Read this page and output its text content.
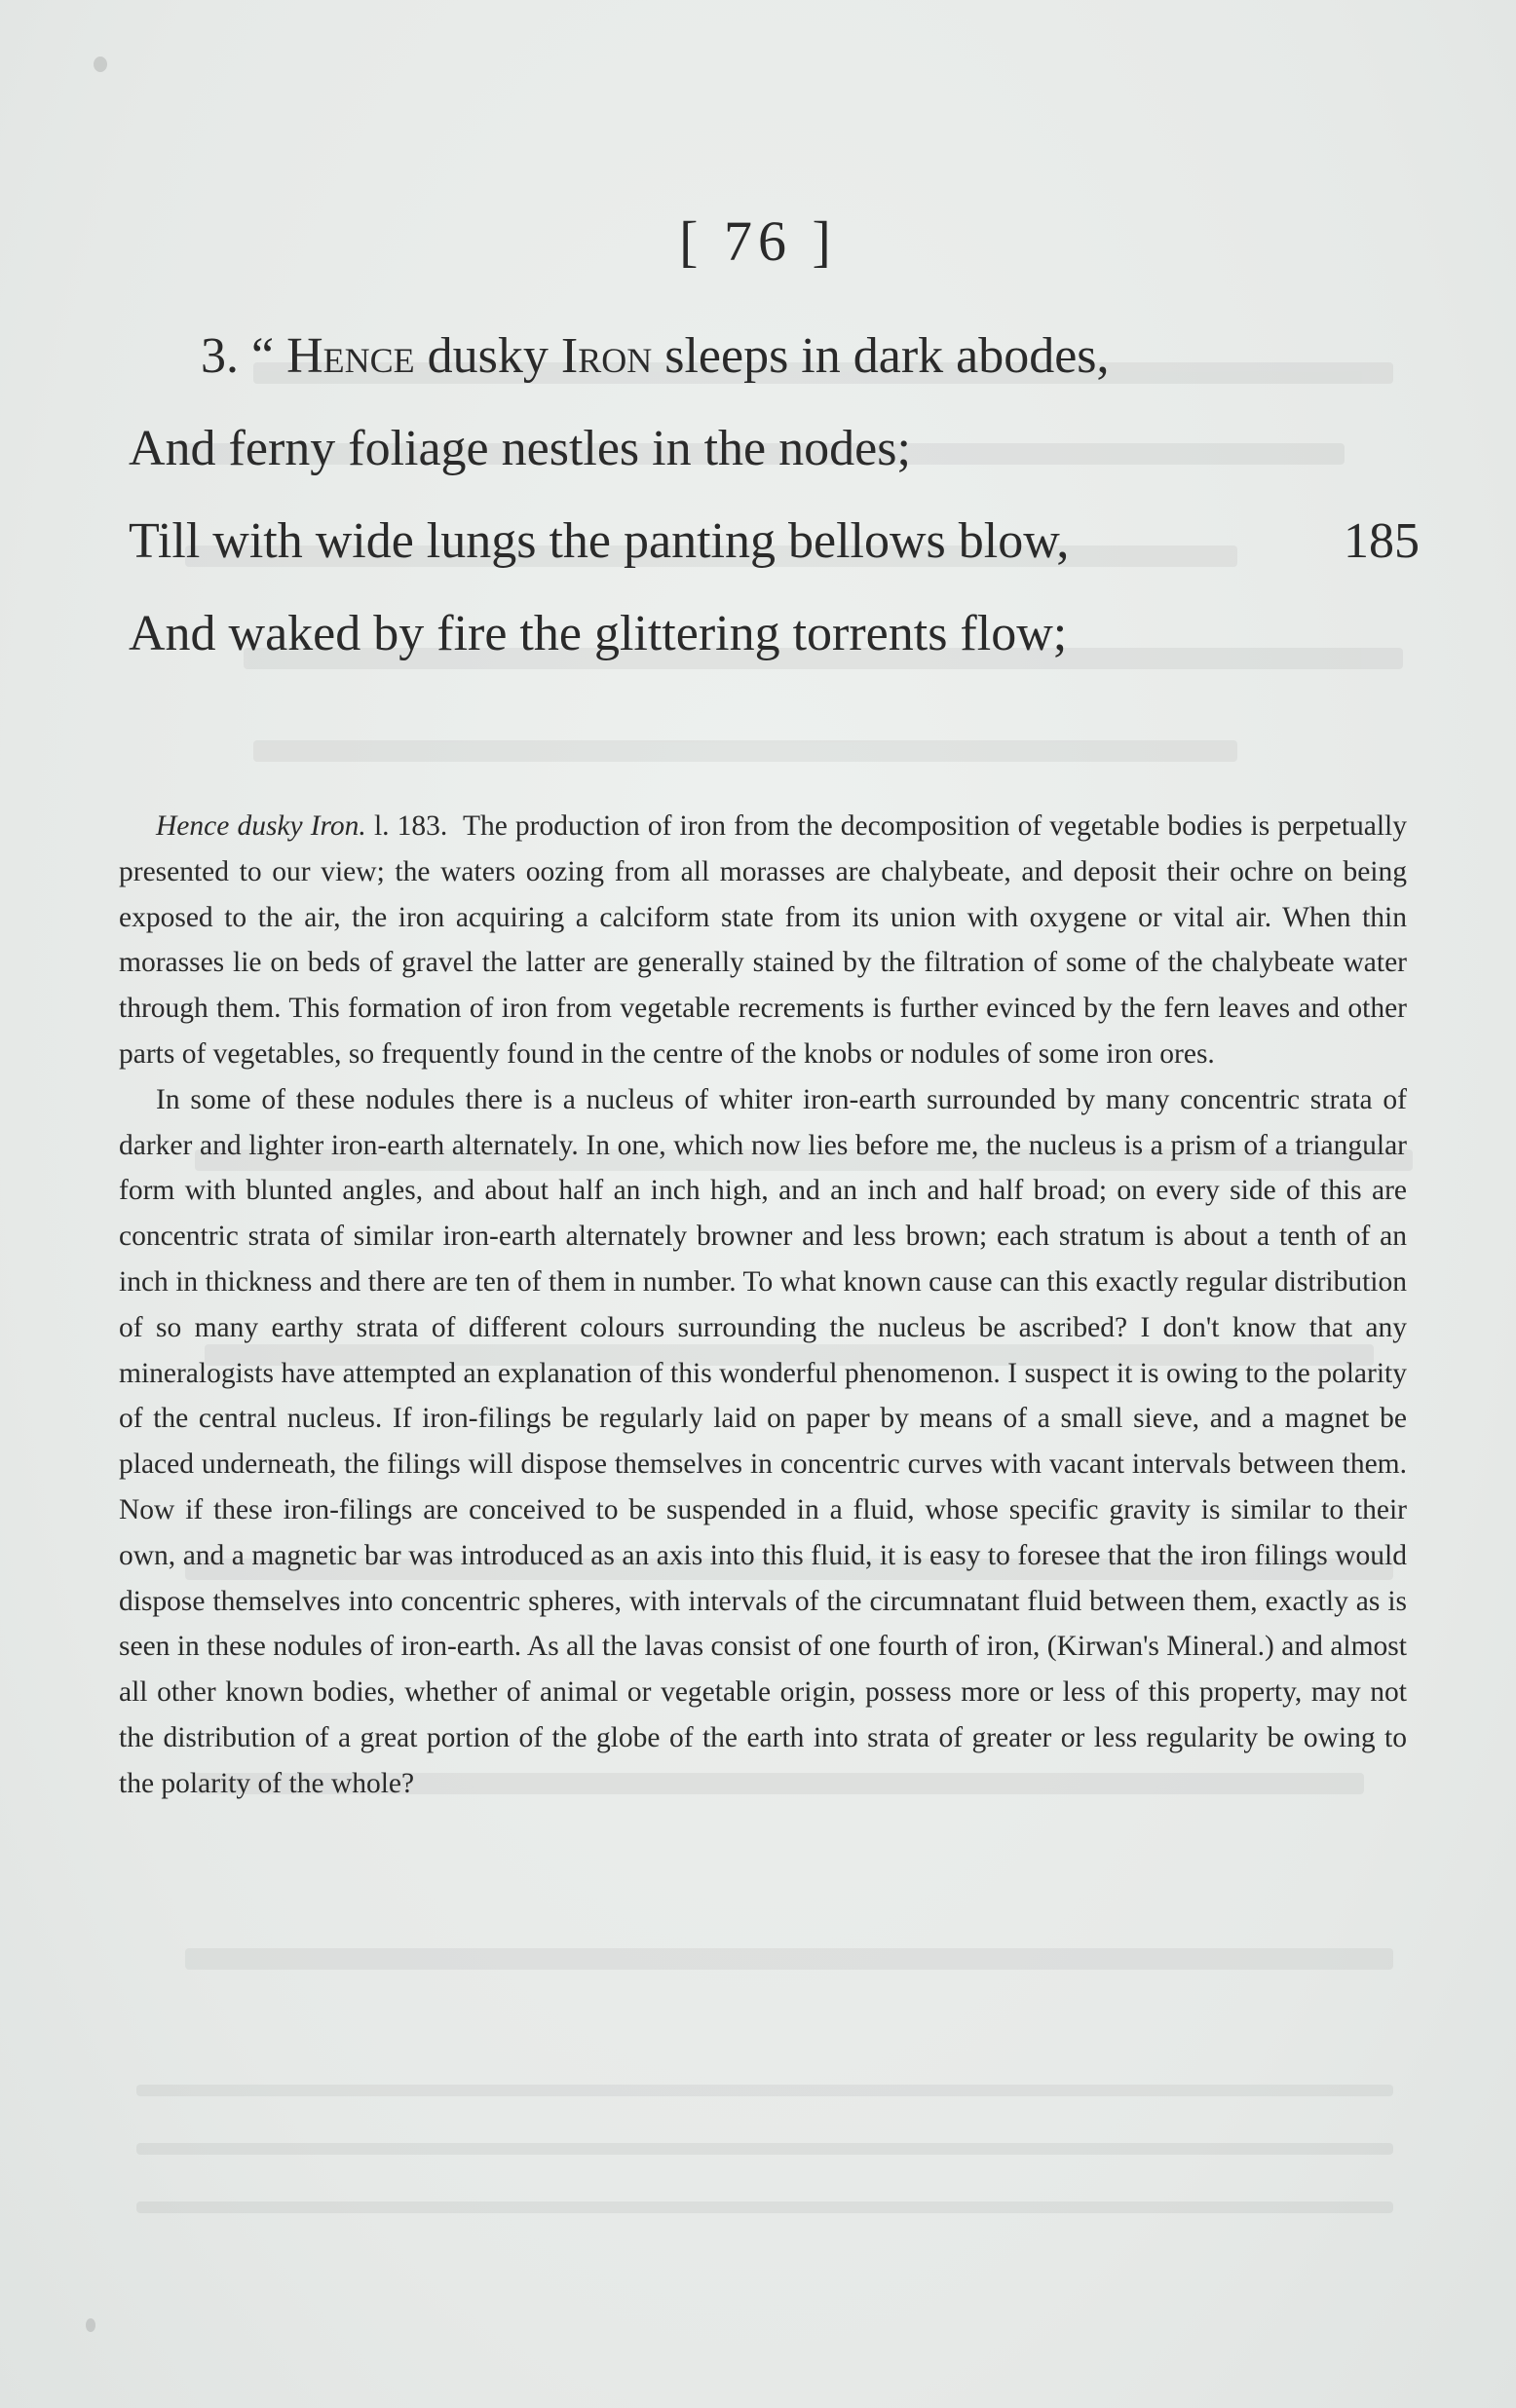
[ 76 ]
3. “ Hence dusky Iron sleeps in dark abodes,
And ferny foliage nestles in the nodes;
Till with wide lungs the panting bellows blow,	185
And waked by fire the glittering torrents flow;

Hence dusky Iron. l. 183. The production of iron from the decomposition of vegetable bodies is perpetually presented to our view; the waters oozing from all morasses are chalybeate, and deposit their ochre on being exposed to the air, the iron acquiring a calciform state from its union with oxygene or vital air. When thin morasses lie on beds of gravel the latter are generally stained by the filtration of some of the chalybeate water through them. This formation of iron from vegetable recrements is further evinced by the fern leaves and other parts of vegetables, so frequently found in the centre of the knobs or nodules of some iron ores.

In some of these nodules there is a nucleus of whiter iron-earth surrounded by many concentric strata of darker and lighter iron-earth alternately. In one, which now lies before me, the nucleus is a prism of a triangular form with blunted angles, and about half an inch high, and an inch and half broad; on every side of this are concentric strata of similar iron-earth alternately browner and less brown; each stratum is about a tenth of an inch in thickness and there are ten of them in number. To what known cause can this exactly regular distribution of so many earthy strata of different colours surrounding the nucleus be ascribed? I don't know that any mineralogists have attempted an explanation of this wonderful phenomenon. I suspect it is owing to the polarity of the central nucleus. If iron-filings be regularly laid on paper by means of a small sieve, and a magnet be placed underneath, the filings will dispose themselves in concentric curves with vacant intervals between them. Now if these iron-filings are conceived to be suspended in a fluid, whose specific gravity is similar to their own, and a magnetic bar was introduced as an axis into this fluid, it is easy to foresee that the iron filings would dispose themselves into concentric spheres, with intervals of the circumnatant fluid between them, exactly as is seen in these nodules of iron-earth. As all the lavas consist of one fourth of iron, (Kirwan's Mineral.) and almost all other known bodies, whether of animal or vegetable origin, possess more or less of this property, may not the distribution of a great portion of the globe of the earth into strata of greater or less regularity be owing to the polarity of the whole?
